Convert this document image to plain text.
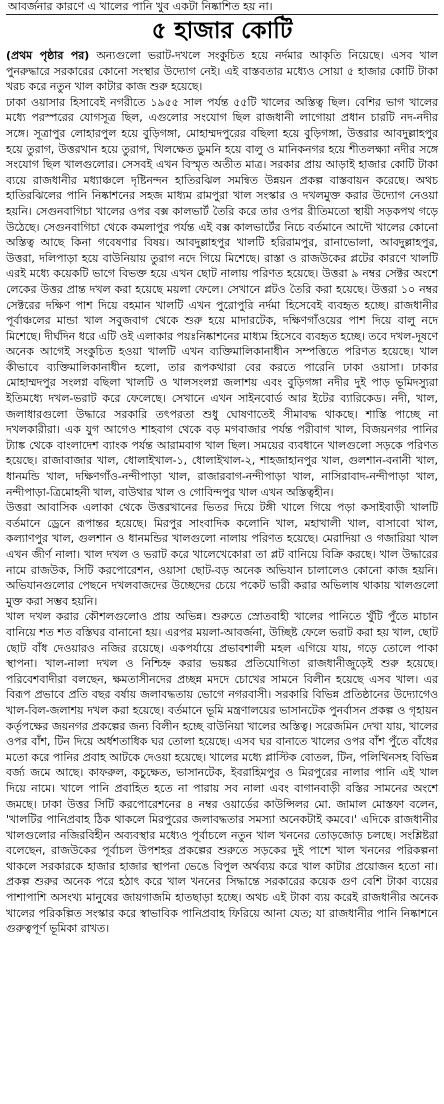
আবর্জনার কারণে এ খালের পানি খুব একটা নিষ্কাশিত হয় না।
৫ হাজার কোটি

(প্রথম পৃষ্ঠার পর) অন্যগুলো ভরাট-দখলে সংকুচিত হয়ে নর্দমার আকৃতি নিয়েছে। এসব খাল পুনরুদ্ধারে সরকারের কোনো সংস্থার উদ্যোগ নেই। এই বাস্তবতার মধ্যেও সোয়া ৫ হাজার কোটি টাকা খরচ করে নতুন খাল কাটার কাজ শুরু হয়েছে।

ঢাকা ওয়াসার হিসাবেই নগরীতে ১৯৫৫ সাল পর্যন্ত ৫৫টি খালের অস্তিত্ব ছিল। বেশির ভাগ খালের মধ্যে পরস্পরের যোগসূত্র ছিল, এগুলোর সংযোগ ছিল রাজধানী লাগোয়া প্রধান চারটি নদ-নদীর সঙ্গে। সূত্রাপুর লোহারপুল হয়ে বুড়িগঙ্গা, মোহাম্মদপুরের বছিলা হয়ে বুড়িগঙ্গা, উত্তরার আবদুল্লাহপুর হয়ে তুরাগ, উত্তরখান হয়ে তুরাগ, খিলক্ষেত ডুমনি হয়ে বালু ও মানিকনগর হয়ে শীতলক্ষ্যা নদীর সঙ্গে সংযোগ ছিল খালগুলোর। সেসবই এখন বিস্মৃত অতীত মাত্র। সরকার প্রায় আড়াই হাজার কোটি টাকা ব্যয়ে রাজধানীর মধ্যাঞ্চলে দৃষ্টিনন্দন হাতিরঝিল সমন্বিত উন্নয়ন প্রকল্প বাস্তবায়ন করেছে। অথচ হাতিরঝিলের পানি নিষ্কাশনের সহজ মাধ্যম রামপুরা খাল সংস্কার ও দখলমুক্ত করার উদ্যোগ নেওয়া হয়নি। সেগুনবাগিচা খালের ওপর বক্স কালভার্ট তৈরি করে তার ওপর রীতিমতো স্থায়ী সড়কপথ গড়ে উঠেছে। সেগুনবাগিচা থেকে কমলাপুর পর্যন্ত এই বক্স কালভার্টের নিচে বর্তমানে আদৌ খালের কোনো অস্তিত্ব আছে কিনা গবেষণার বিষয়। আবদুল্লাহপুর খালটি হরিরামপুর, রানাভোলা, আবদুল্লাহপুর, উত্তরা, দলিপাড়া হয়ে বাউনিয়ায় তুরাগ নদে গিয়ে মিশেছে। রাস্তা ও রাজউকের প্লটের কারণে খালটি এরই মধ্যে কয়েকটি ভাগে বিভক্ত হয়ে এখন ছোট নালায় পরিণত হয়েছে। উত্তরা ৯ নম্বর সেক্টর অংশে লেকের উত্তর প্রান্ত দখল করা হয়েছে ময়লা ফেলে। সেখানে প্লটও তৈরি করা হয়েছে। উত্তরা ১০ নম্বর সেক্টরের দক্ষিণ পাশ দিয়ে বহমান খালটি এখন পুরোপুরি নর্দমা হিসেবেই ব্যবহৃত হচ্ছে। রাজধানীর পূর্বাঞ্চলের মান্ডা খাল সবুজবাগ থেকে শুরু হয়ে মাদারটেক, দক্ষিণগাঁওয়ের পাশ দিয়ে বালু নদে মিশেছে। দীর্ঘদিন ধরে এটি ওই এলাকার পয়ঃনিষ্কাশনের মাধ্যম হিসেবে ব্যবহৃত হচ্ছে। তবে দখল-দূষণে অনেক আগেই সংকুচিত হওয়া খালটি এখন ব্যক্তিমালিকানাধীন সম্পত্তিতে পরিণত হয়েছে। খাল কীভাবে ব্যক্তিমালিকানাধীন হলো, তার রূপকথারা বের করতে পারেনি ঢাকা ওয়াসা। ঢাকার মোহাম্মদপুর সংলগ্ন বছিলা খালটি ও খালসংলগ্ন জলাশয় এবং বুড়িগঙ্গা নদীর দুই পাড় ভূমিদস্যুরা ইতিমধ্যে দখল-ভরাট করে ফেলেছে। সেখানে এখন সাইনবোর্ড আর ইটের ব্যারিকেড। নদী, খাল, জলাধারগুলো উদ্ধারে সরকারি তৎপরতা শুধু ঘোষণাতেই সীমাবদ্ধ থাকছে। শাস্তি পাচ্ছে না দখলকারীরা। এক যুগ আগেও শাহবাগ থেকে বড় মগবাজার পর্যন্ত পরীবাগ খাল, বিজয়নগর পানির ট্যাঙ্ক থেকে বাংলাদেশ ব্যাংক পর্যন্ত আরামবাগ খাল ছিল। সময়ের ব্যবধানে খালগুলো সড়কে পরিণত হয়েছে। রাজাবাজার খাল, ধোলাইখাল-১, ধোলাইখাল-২, শাহজাহানপুর খাল, গুলশান-বনানী খাল, ধানমন্ডি খাল, দক্ষিণগাঁও-নন্দীপাড়া খাল, রাজারবাগ-নন্দীপাড়া খাল, নাসিরাবাদ-নন্দীপাড়া খাল, নন্দীপাড়া-ত্রিমোহনী খাল, বাউথার খাল ও গোবিন্দপুর খাল এখন অস্তিত্বহীন।

উত্তরা আবাসিক এলাকা থেকে উত্তরখানের ভিতর দিয়ে টঙ্গী খালে গিয়ে পড়া কসাইবাড়ী খালটি বর্তমানে ড্রেনে রূপান্তর হয়েছে। মিরপুর সাংবাদিক কলোনি খাল, মহাখালী খাল, বাসাবো খাল, কল্যাণপুর খাল, গুলশান ও ধানমন্ডির খালগুলো নালায় পরিণত হয়েছে। মেরাদিয়া ও গজারিয়া খাল এখন জীর্ণ নালা। খাল দখল ও ভরাট করে খালেখেকোরা তা প্লট বানিয়ে বিক্রি করছে। খাল উদ্ধারের নামে রাজউক, সিটি করপোরেশন, ওয়াসা ছোট-বড় অনেক অভিযান চালালেও কোনো কাজ হয়নি। অভিযানগুলোর পেছনে দখলবাজদের উচ্ছেদের চেয়ে পকেট ভারী করার অভিলাষ থাকায় খালগুলো মুক্ত করা সম্ভব হয়নি।

খাল দখল করার কৌশলগুলোও প্রায় অভিন্ন। শুরুতে স্রোতবাহী খালের পানিতে খুঁটি পুঁতে মাচান বানিয়ে শত শত বস্তিঘর বানানো হয়। এরপর ময়লা-আবর্জনা, উচ্ছিষ্ট ফেলে ভরাট করা হয় খাল, ছোট ছোট বাঁধ দেওয়ারও নজির রয়েছে। একপর্যায়ে প্রভাবশালী মহল এগিয়ে যায়, গড়ে তোলে পাকা স্থাপনা। খাল-নালা দখল ও নিশ্চিহ্ন করার ভয়ঙ্কর প্রতিযোগিতা রাজধানীজুড়েই শুরু হয়েছে। পরিবেশবাদীরা বলছেন, ক্ষমতাসীনদের প্রচ্ছন্ন মদদে চোখের সামনে বিলীন হয়েছে এসব খাল। এর বিরূপ প্রভাবে প্রতি বছর বর্ষায় জলাবদ্ধতায় ভোগে নগরবাসী। সরকারি বিভিন্ন প্রতিষ্ঠানের উদ্যোগেও খাল-বিল-জলাশয় দখল করা হয়েছে। বর্তমানে ভূমি মন্ত্রণালয়ের ভাসানটেক পুনর্বাসন প্রকল্প ও গৃহায়ন কর্তৃপক্ষের জয়নগর প্রকল্পের জন্য বিলীন হচ্ছে বাউনিয়া খালের অস্তিত্ব। সরেজমিন দেখা যায়, খালের ওপর বাঁশ, টিন দিয়ে অর্ধশতাধিক ঘর তোলা হয়েছে। এসব ঘর বানাতে খালের ওপর বাঁশ পুঁতে বাঁধের মতো করে পানির প্রবাহ আটকে দেওয়া হয়েছে। খালের মধ্যে প্লাস্টিক বোতল, টিন, পলিথিনসহ বিভিন্ন বর্জ্য জমে আছে। কাফরুল, কচুক্ষেত, ভাসানটেক, ইবরাহিমপুর ও মিরপুরের নালার পানি এই খাল দিয়ে নামে। খালে পানি প্রবাহিত হতে না পারায় সব নালা এবং বাগানবাড়ী বস্তির সামনের অংশে জমছে। ঢাকা উত্তর সিটি করপোরেশনের ৪ নম্বর ওয়ার্ডের কাউন্সিলর মো. জামাল মোস্তফা বলেন, 'খালটির পানিপ্রবাহ ঠিক থাকলে মিরপুরের জলাবদ্ধতার সমস্যা অনেকটাই কমবে।' এদিকে রাজধানীর খালগুলোর নজিরবিহীন অব্যবস্থার মধ্যেও পূর্বাচলে নতুন খাল খননের তোড়জোড় চলছে। সংশ্লিষ্টরা বলেছেন, রাজউকের পূর্বাচল উপশহর প্রকল্পের শুরুতে সড়কের দুই পাশে খাল খননের পরিকল্পনা থাকলে সরকারকে হাজার হাজার স্থাপনা ভেঙে বিপুল অর্থব্যয় করে খাল কাটার প্রয়োজন হতো না। প্রকল্প শুরুর অনেক পরে হঠাৎ করে খাল খননের সিদ্ধান্তে সরকারের কয়েক গুণ বেশি টাকা ব্যয়ের পাশাপাশি অসংখ্য মানুষের জায়গাজমি হাতছাড়া হচ্ছে। অথচ এই টাকা ব্যয় করেই রাজধানীর অনেক খালের পরিকল্পিত সংস্কার করে স্বাভাবিক পানিপ্রবাহ ফিরিয়ে আনা যেত; যা রাজধানীর পানি নিষ্কাশনে গুরুত্বপূর্ণ ভূমিকা রাখত।
